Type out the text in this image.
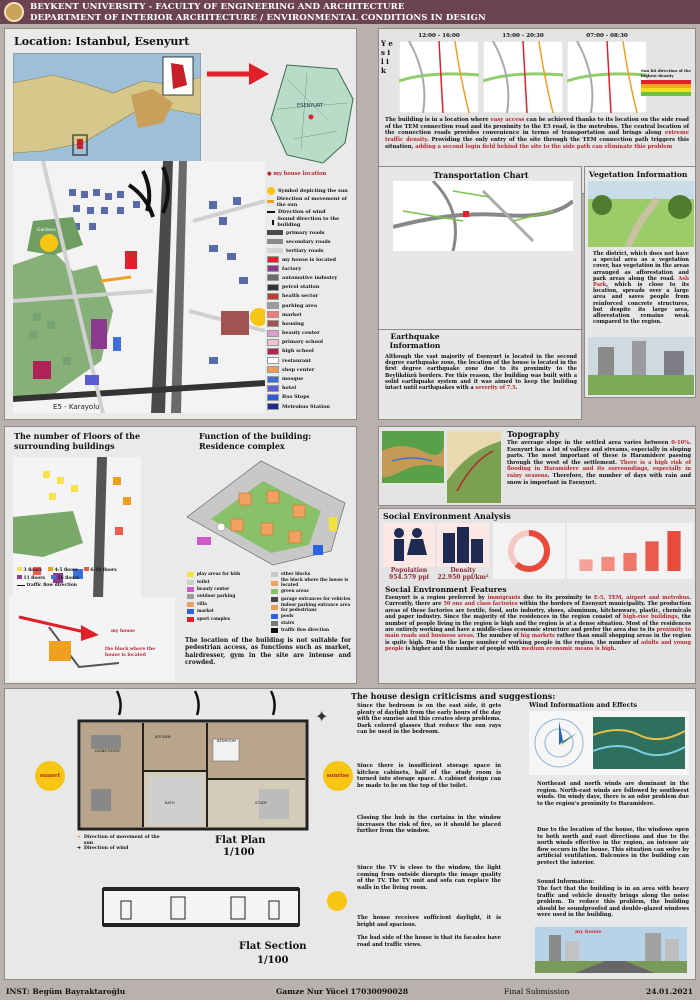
BEYKENT UNIVERSITY - FACULTY OF ENGINEERING AND ARCHITECTURE
DEPARTMENT OF INTERIOR ARCHITECTURE / ENVIRONMENTAL CONDITIONS IN DESIGN
Location: Istanbul, Esenyurt
ESENYURT
● my house location
E5 - Karayolu
Gardens
Symbol depicting the sun
Direction of movement of the sun
Direction of wind
Sound direction to the building
primary roads
secondary roads
tertiary roads
my house is located
factory
automotive industry
petrol station
health sector
parking area
market
housing
beauty center
primary school
high school
restaurant
shop center
mosque
hotel
Bus Stops
Metrobus Station
Y e s i l i k
12:00 - 16:00	15:00 - 20:30	07:00 - 08:30
Sun hit direction of the highest density
The building is in a location where easy access can be achieved thanks to its location on the side road of the TEM connection road and its proximity to the E5 road, is the metrobus. The central location of the connection roads provides convenience in terms of transportation and brings along extreme traffic density. Providing the only entry of the site through the TEM connection path triggers this situation, adding a second login field behind the site to the side path can eliminate this problem
Transportation Chart	Vegetation Information
The district, which does not have a special area as a vegetation cover, has vegetation in the areas arranged as afforestation and park areas along the road. Aslı Park, which is close to its location, spreads over a large area and saves people from reinforced concrete structures, but despite its large area, afforestation remains weak compared to the region.
Earthquake Information
Although the vast majority of Esenyurt is located in the second degree earthquake zone, the location of the house is located in the first degree earthquake zone due to its proximity to the Beylikdüzü borders. For this reason, the building was built with a solid earthquake system and it was aimed to keep the building intact until earthquakes with a severity of 7.5.
The number of Floors of the surrounding buildings
Function of the building: Residence complex
3 floors	4-5 floors	6-10 floors
11 floors	16 floors
traffic flow direction
my house
the block where the house is located
play areas for kids
toilet
beauty center
outdoor parking
villa
market
sport complex
other blocks
the block where the house is located
green areas
garage entrances for vehicles
indoor parking entrance area for pedestrians
pools
stairs
traffic flow direction
The location of the building is not suitable for pedestrian access, as functions such as market, hairdresser, gym in the site are intense and crowded.
Topography
The average slope in the settled area varies between 0-10%. Esenyurt has a lot of valleys and streams, especially in sloping parts. The most important of these is Haramidere passing through the west of the settlement. There is a high risk of flooding in Haramidere and its surroundings, especially in rainy seasons. Therefore, the number of days with rain and snow is important in Esenyurt.
Social Environment Analysis
Population
954.579 ppl
Density
22.950 ppl/km²
Social Environment Features
Esenyurt is a region preferred by immigrants due to its proximity to E-5, TEM, airport and metrobus. Currently, there are 50 one and class factories within the borders of Esenyurt municipality. The production areas of these factories are textile, food, auto industry, shoes, aluminum, kitchenware, plastic, chemicals and paper industry. Since the majority of the residences in the region consist of high-rise buildings, the number of people living in the region is high and the region is at a dense situation. Most of the residences are entirely working and have a middle-class economic structure and prefer the area due to its proximity to main roads and business areas. The number of big markets rather than small shopping areas in the region is quite high. Due to the large number of working people in the region, the number of adults and young people is higher and the number of people with medium economic means is high.
The house design criticisms and suggestions:
LIVING ROOM
BEDROOM
KITCHEN
STUDY
BATH
sunset	sunrise
✦
➜ Direction of movement of the sun
➜ Direction of wind
Flat Plan
1/100
Flat Section
1/100
Since the bedroom is on the east side, it gets plenty of daylight from the early hours of the day with the sunrise and this creates sleep problems. Dark colored glasses that reduce the sun rays can be used in the bedroom.
Since there is insufficient storage space in kitchen cabinets, half of the study room is turned into storage space. A cabinet design can be made to be on the top of the toilet.
Closing the hub in the curtains in the window increases the risk of fire, so it should be placed further from the window.
Since the TV is close to the window, the light coming from outside disrupts the image quality of the TV. The TV unit and sofa can replace the walls in the living room.
The house receives sufficient daylight, it is bright and spacious.
The bad side of the house is that its facades have road and traffic views.
Wind Information and Effects
Northeast and north winds are dominant in the region. North-east winds are followed by southwest winds. On windy days, there is an odor problem due to the region's proximity to Haramidere.
Due to the location of the house, the windows open to both north and east directions and due to the north winds effective in the region, an intense air flow occurs in the house. This situation can solve by artificial ventilation. Balconies in the building can protect the interior.
Sound Information:
The fact that the building is in an area with heavy traffic and vehicle density brings along the noise problem. To reduce this problem, the building should be soundproofed and double-glazed windows were used in the building.
my house
INST: Begüm Bayraktaroğlu	Gamze Nur Yücel 17030090028	Final Submission	24.01.2021
